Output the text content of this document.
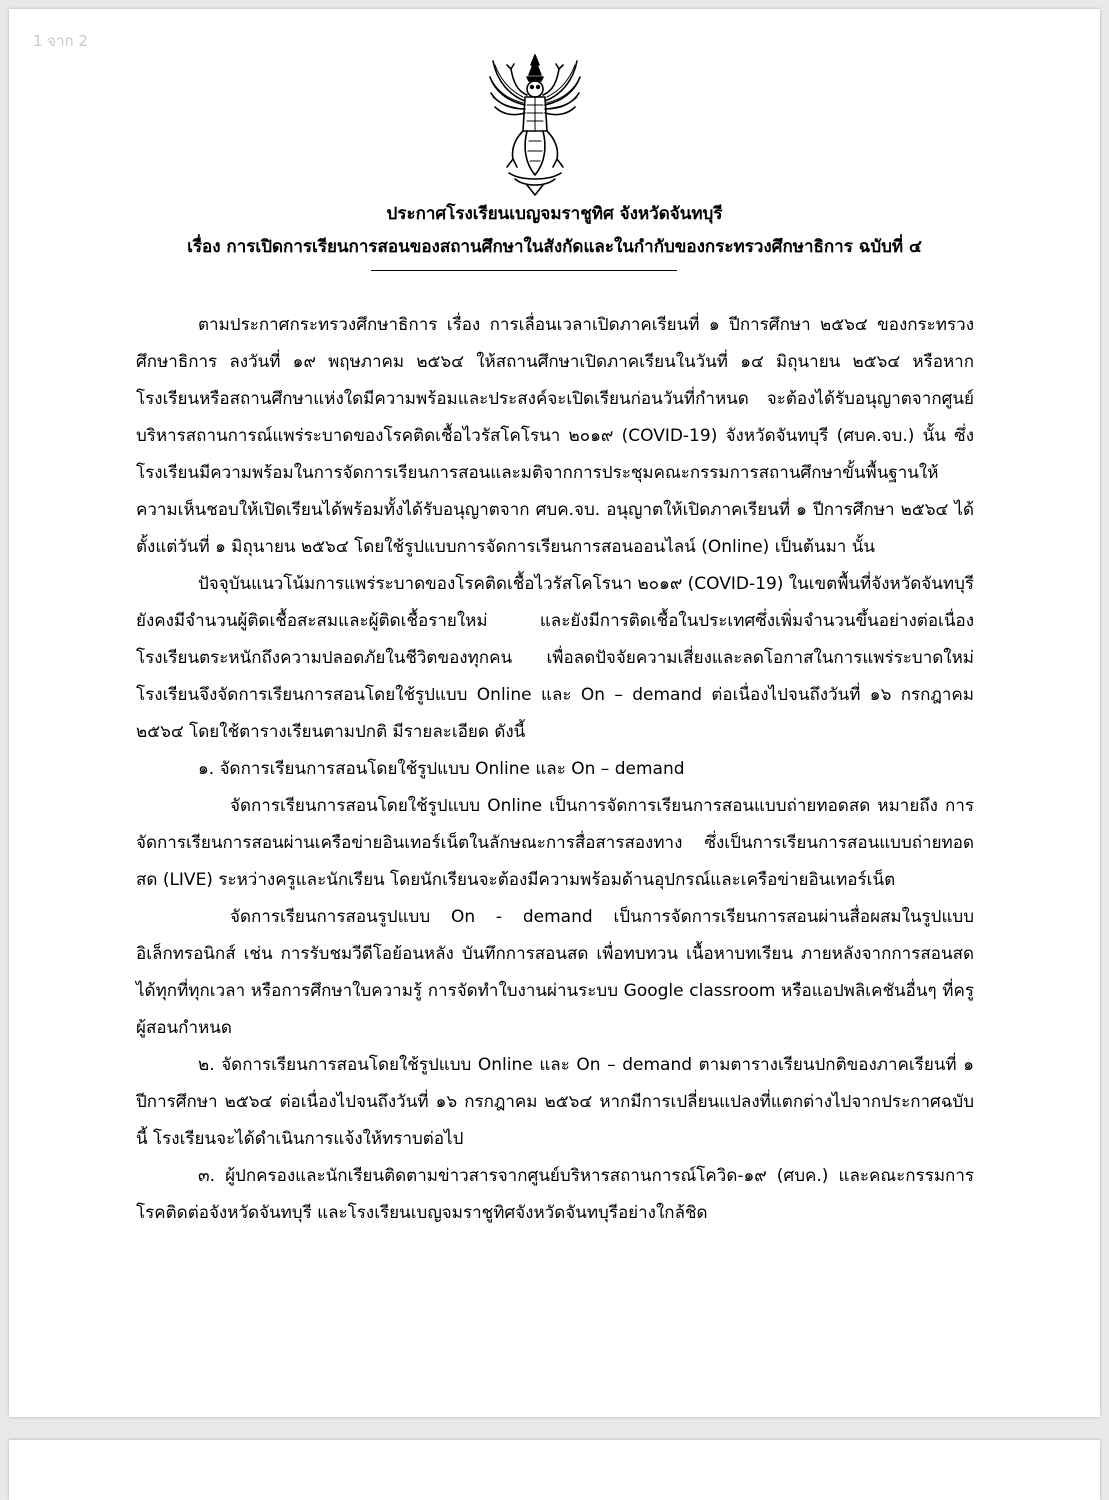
1 จาก 2
ประกาศโรงเรียนเบญจมราชูทิศ จังหวัดจันทบุรี
เรื่อง การเปิดการเรียนการสอนของสถานศึกษาในสังกัดและในกำกับของกระทรวงศึกษาธิการ ฉบับที่ ๔

ตามประกาศกระทรวงศึกษาธิการ เรื่อง การเลื่อนเวลาเปิดภาคเรียนที่ ๑ ปีการศึกษา ๒๕๖๔ ของกระทรวงศึกษาธิการ ลงวันที่ ๑๙ พฤษภาคม ๒๕๖๔ ให้สถานศึกษาเปิดภาคเรียนในวันที่ ๑๔ มิถุนายน ๒๕๖๔ หรือหากโรงเรียนหรือสถานศึกษาแห่งใดมีความพร้อมและประสงค์จะเปิดเรียนก่อนวันที่กำหนด จะต้องได้รับอนุญาตจากศูนย์บริหารสถานการณ์แพร่ระบาดของโรคติดเชื้อไวรัสโคโรนา ๒๐๑๙ (COVID-19) จังหวัดจันทบุรี (ศบค.จบ.) นั้น ซึ่งโรงเรียนมีความพร้อมในการจัดการเรียนการสอนและมติจากการประชุมคณะกรรมการสถานศึกษาขั้นพื้นฐานให้ความเห็นชอบให้เปิดเรียนได้พร้อมทั้งได้รับอนุญาตจาก ศบค.จบ. อนุญาตให้เปิดภาคเรียนที่ ๑ ปีการศึกษา ๒๕๖๔ ได้ตั้งแต่วันที่ ๑ มิถุนายน ๒๕๖๔ โดยใช้รูปแบบการจัดการเรียนการสอนออนไลน์ (Online) เป็นต้นมา นั้น

ปัจจุบันแนวโน้มการแพร่ระบาดของโรคติดเชื้อไวรัสโคโรนา ๒๐๑๙ (COVID-19) ในเขตพื้นที่จังหวัดจันทบุรียังคงมีจำนวนผู้ติดเชื้อสะสมและผู้ติดเชื้อรายใหม่ และยังมีการติดเชื้อในประเทศซึ่งเพิ่มจำนวนขึ้นอย่างต่อเนื่อง โรงเรียนตระหนักถึงความปลอดภัยในชีวิตของทุกคน เพื่อลดปัจจัยความเสี่ยงและลดโอกาสในการแพร่ระบาดใหม่ โรงเรียนจึงจัดการเรียนการสอนโดยใช้รูปแบบ Online และ On – demand ต่อเนื่องไปจนถึงวันที่ ๑๖ กรกฎาคม ๒๕๖๔ โดยใช้ตารางเรียนตามปกติ มีรายละเอียด ดังนี้

๑. จัดการเรียนการสอนโดยใช้รูปแบบ Online และ On – demand

จัดการเรียนการสอนโดยใช้รูปแบบ Online เป็นการจัดการเรียนการสอนแบบถ่ายทอดสด หมายถึง การจัดการเรียนการสอนผ่านเครือข่ายอินเทอร์เน็ตในลักษณะการสื่อสารสองทาง ซึ่งเป็นการเรียนการสอนแบบถ่ายทอดสด (LIVE) ระหว่างครูและนักเรียน โดยนักเรียนจะต้องมีความพร้อมด้านอุปกรณ์และเครือข่ายอินเทอร์เน็ต

จัดการเรียนการสอนรูปแบบ On - demand เป็นการจัดการเรียนการสอนผ่านสื่อผสมในรูปแบบอิเล็กทรอนิกส์ เช่น การรับชมวีดีโอย้อนหลัง บันทึกการสอนสด เพื่อทบทวน เนื้อหาบทเรียน ภายหลังจากการสอนสด ได้ทุกที่ทุกเวลา หรือการศึกษาใบความรู้ การจัดทำใบงานผ่านระบบ Google classroom หรือแอปพลิเคชันอื่นๆ ที่ครูผู้สอนกำหนด

๒. จัดการเรียนการสอนโดยใช้รูปแบบ Online และ On – demand ตามตารางเรียนปกติของภาคเรียนที่ ๑ ปีการศึกษา ๒๕๖๔ ต่อเนื่องไปจนถึงวันที่ ๑๖ กรกฎาคม ๒๕๖๔ หากมีการเปลี่ยนแปลงที่แตกต่างไปจากประกาศฉบับนี้ โรงเรียนจะได้ดำเนินการแจ้งให้ทราบต่อไป

๓. ผู้ปกครองและนักเรียนติดตามข่าวสารจากศูนย์บริหารสถานการณ์โควิด-๑๙ (ศบค.) และคณะกรรมการโรคติดต่อจังหวัดจันทบุรี และโรงเรียนเบญจมราชูทิศจังหวัดจันทบุรีอย่างใกล้ชิด
